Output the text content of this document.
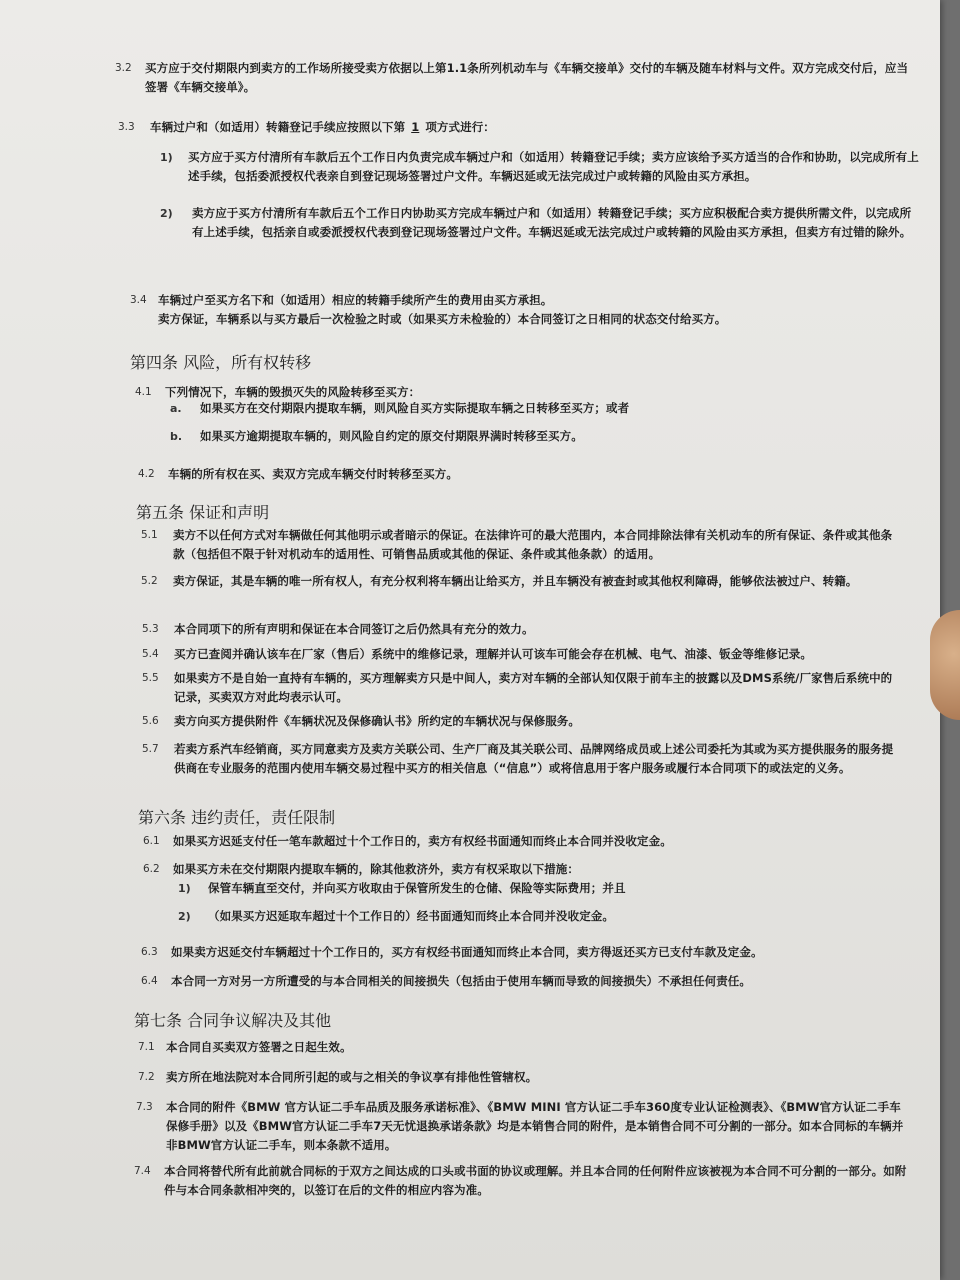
3.2	买方应于交付期限内到卖方的工作场所接受卖方依据以上第1.1条所列机动车与《车辆交接单》交付的车辆及随车材料与文件。双方完成交付后，应当签署《车辆交接单》。
3.3	车辆过户和（如适用）转籍登记手续应按照以下第 1 项方式进行：
1)	买方应于买方付清所有车款后五个工作日内负责完成车辆过户和（如适用）转籍登记手续；卖方应该给予买方适当的合作和协助，以完成所有上述手续，包括委派授权代表亲自到登记现场签署过户文件。车辆迟延或无法完成过户或转籍的风险由买方承担。
2)	卖方应于买方付清所有车款后五个工作日内协助买方完成车辆过户和（如适用）转籍登记手续；买方应积极配合卖方提供所需文件，以完成所有上述手续，包括亲自或委派授权代表到登记现场签署过户文件。车辆迟延或无法完成过户或转籍的风险由买方承担，但卖方有过错的除外。
3.4 车辆过户至买方名下和（如适用）相应的转籍手续所产生的费用由买方承担。
卖方保证，车辆系以与买方最后一次检验之时或（如果买方未检验的）本合同签订之日相同的状态交付给买方。
第四条 风险，所有权转移
4.1	下列情况下，车辆的毁损灭失的风险转移至买方：
a.	如果买方在交付期限内提取车辆，则风险自买方实际提取车辆之日转移至买方；或者
b.	如果买方逾期提取车辆的，则风险自约定的原交付期限界满时转移至买方。
4.2	车辆的所有权在买、卖双方完成车辆交付时转移至买方。
第五条 保证和声明
5.1	卖方不以任何方式对车辆做任何其他明示或者暗示的保证。在法律许可的最大范围内，本合同排除法律有关机动车的所有保证、条件或其他条款（包括但不限于针对机动车的适用性、可销售品质或其他的保证、条件或其他条款）的适用。
5.2	卖方保证，其是车辆的唯一所有权人，有充分权利将车辆出让给买方，并且车辆没有被查封或其他权利障碍，能够依法被过户、转籍。
5.3	本合同项下的所有声明和保证在本合同签订之后仍然具有充分的效力。
5.4	买方已查阅并确认该车在厂家（售后）系统中的维修记录，理解并认可该车可能会存在机械、电气、油漆、钣金等维修记录。
5.5	如果卖方不是自始一直持有车辆的，买方理解卖方只是中间人，卖方对车辆的全部认知仅限于前车主的披露以及DMS系统/厂家售后系统中的记录，买卖双方对此均表示认可。
5.6	卖方向买方提供附件《车辆状况及保修确认书》所约定的车辆状况与保修服务。
5.7	若卖方系汽车经销商，买方同意卖方及卖方关联公司、生产厂商及其关联公司、品牌网络成员或上述公司委托为其或为买方提供服务的服务提供商在专业服务的范围内使用车辆交易过程中买方的相关信息（“信息”）或将信息用于客户服务或履行本合同项下的或法定的义务。
第六条 违约责任，责任限制
6.1	如果买方迟延支付任一笔车款超过十个工作日的，卖方有权经书面通知而终止本合同并没收定金。
6.2	如果买方未在交付期限内提取车辆的，除其他救济外，卖方有权采取以下措施：
1)	保管车辆直至交付，并向买方收取由于保管所发生的仓储、保险等实际费用；并且
2)	（如果买方迟延取车超过十个工作日的）经书面通知而终止本合同并没收定金。
6.3	如果卖方迟延交付车辆超过十个工作日的，买方有权经书面通知而终止本合同，卖方得返还买方已支付车款及定金。
6.4	本合同一方对另一方所遭受的与本合同相关的间接损失（包括由于使用车辆而导致的间接损失）不承担任何责任。
第七条 合同争议解决及其他
7.1 本合同自买卖双方签署之日起生效。
7.2 卖方所在地法院对本合同所引起的或与之相关的争议享有排他性管辖权。
7.3	本合同的附件《BMW 官方认证二手车品质及服务承诺标准》、《BMW MINI 官方认证二手车360度专业认证检测表》、《BMW官方认证二手车保修手册》以及《BMW官方认证二手车7天无忧退换承诺条款》均是本销售合同的附件，是本销售合同不可分割的一部分。如本合同标的车辆并非BMW官方认证二手车，则本条款不适用。
7.4	本合同将替代所有此前就合同标的于双方之间达成的口头或书面的协议或理解。并且本合同的任何附件应该被视为本合同不可分割的一部分。如附件与本合同条款相冲突的，以签订在后的文件的相应内容为准。
